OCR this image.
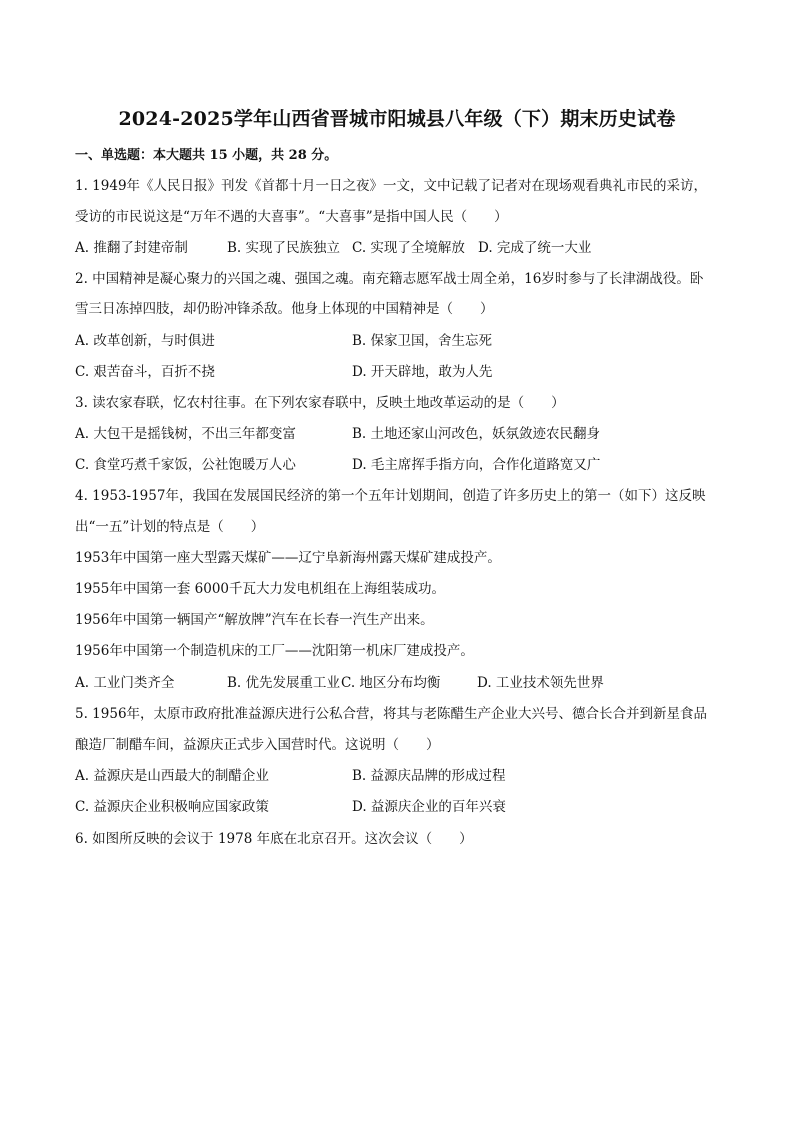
2024-2025学年山西省晋城市阳城县八年级（下）期末历史试卷
一、单选题：本大题共 15 小题，共 28 分。
1. 1949年《人民日报》刊发《首都十月一日之夜》一文，文中记载了记者对在现场观看典礼市民的采访，
受访的市民说这是“万年不遇的大喜事”。“大喜事”是指中国人民（　　）
A. 推翻了封建帝制	B. 实现了民族独立 C. 实现了全境解放 D. 完成了统一大业
2. 中国精神是凝心聚力的兴国之魂、强国之魂。南充籍志愿军战士周全弟，16岁时参与了长津湖战役。卧
雪三日冻掉四肢，却仍盼冲锋杀敌。他身上体现的中国精神是（　　）
A. 改革创新，与时俱进	B. 保家卫国，舍生忘死
C. 艰苦奋斗，百折不挠	D. 开天辟地，敢为人先
3. 读农家春联，忆农村往事。在下列农家春联中，反映土地改革运动的是（　　）
A. 大包干是摇钱树，不出三年都变富	B. 土地还家山河改色，妖氛敛迹农民翻身
C. 食堂巧煮千家饭，公社饱暖万人心	D. 毛主席挥手指方向，合作化道路宽又广
4. 1953-1957年，我国在发展国民经济的第一个五年计划期间，创造了许多历史上的第一（如下）这反映
出“一五”计划的特点是（　　）
1953年中国第一座大型露天煤矿——辽宁阜新海州露天煤矿建成投产。
1955年中国第一套 6000千瓦大力发电机组在上海组装成功。
1956年中国第一辆国产“解放牌”汽车在长春一汽生产出来。
1956年中国第一个制造机床的工厂——沈阳第一机床厂建成投产。
A. 工业门类齐全	B. 优先发展重工业 C. 地区分布均衡	D. 工业技术领先世界
5. 1956年，太原市政府批准益源庆进行公私合营，将其与老陈醋生产企业大兴号、德合长合并到新星食品
酿造厂制醋车间，益源庆正式步入国营时代。这说明（　　）
A. 益源庆是山西最大的制醋企业	B. 益源庆品牌的形成过程
C. 益源庆企业积极响应国家政策	D. 益源庆企业的百年兴衰
6. 如图所反映的会议于 1978 年底在北京召开。这次会议（　　）
